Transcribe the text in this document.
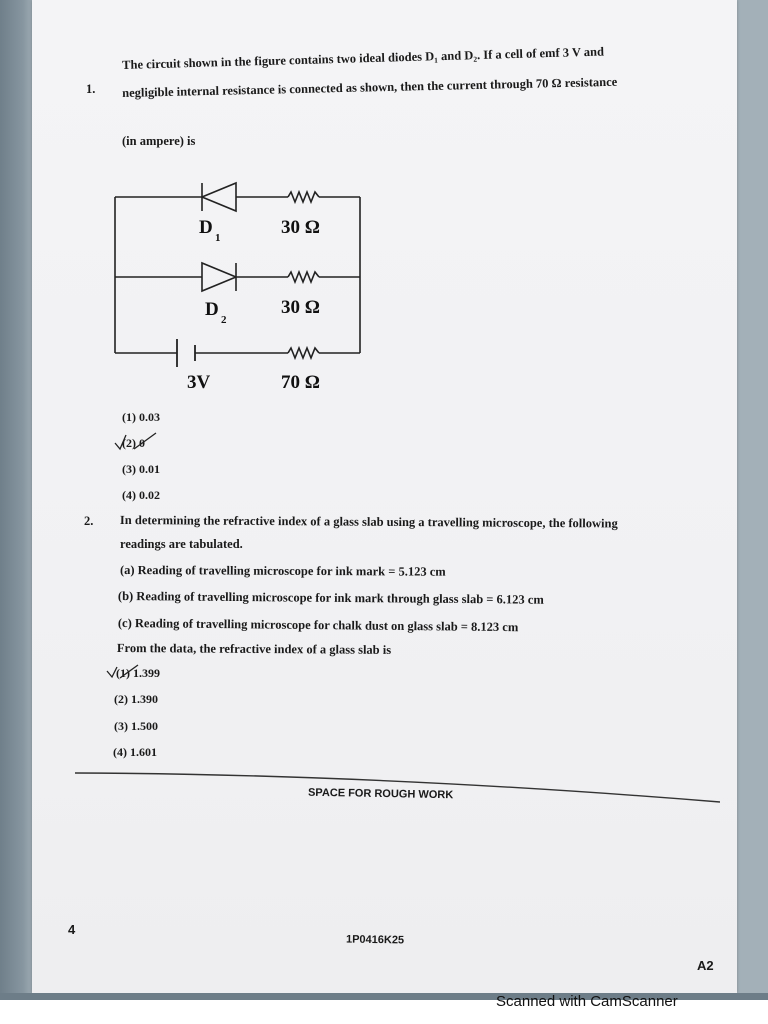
1.
The circuit shown in the figure contains two ideal diodes D₁ and D₂. If a cell of emf 3 V and
negligible internal resistance is connected as shown, then the current through 70 Ω resistance
(in ampere) is
D 1	30 Ω
D 2
30 Ω
3V	70 Ω
(1) 0.03
(2) 0
(3) 0.01
(4) 0.02
2. In determining the refractive index of a glass slab using a travelling microscope, the following
readings are tabulated.
(a) Reading of travelling microscope for ink mark = 5.123 cm
(b) Reading of travelling microscope for ink mark through glass slab = 6.123 cm
(c) Reading of travelling microscope for chalk dust on glass slab = 8.123 cm
From the data, the refractive index of a glass slab is
(1) 1.399
(2) 1.390
(3) 1.500
(4) 1.601
SPACE FOR ROUGH WORK
4
1P0416K25
A2
Scanned with CamScanner
